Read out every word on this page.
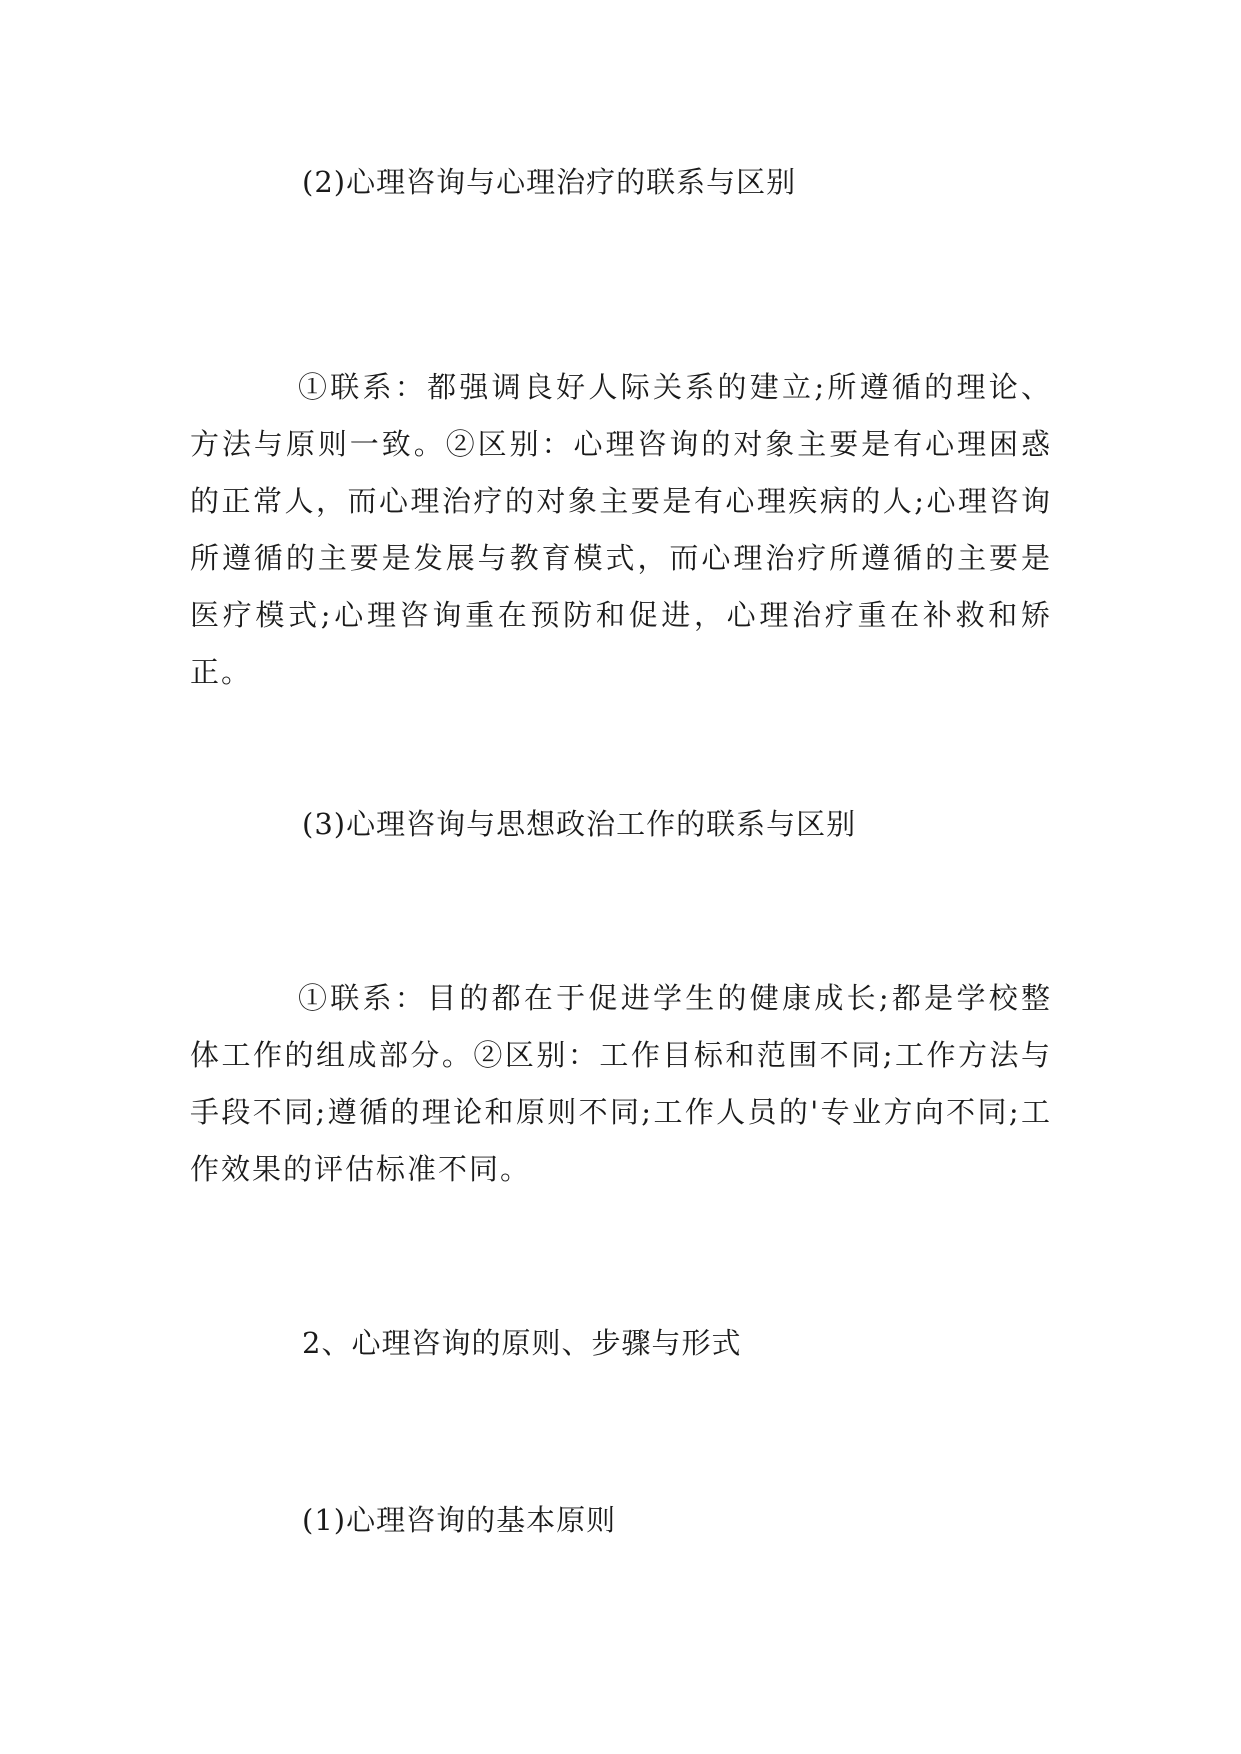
(2)心理咨询与心理治疗的联系与区别
①联系：都强调良好人际关系的建立;所遵循的理论、方法与原则一致。②区别：心理咨询的对象主要是有心理困惑的正常人，而心理治疗的对象主要是有心理疾病的人;心理咨询所遵循的主要是发展与教育模式，而心理治疗所遵循的主要是医疗模式;心理咨询重在预防和促进，心理治疗重在补救和矫正。
(3)心理咨询与思想政治工作的联系与区别
①联系：目的都在于促进学生的健康成长;都是学校整体工作的组成部分。②区别：工作目标和范围不同;工作方法与手段不同;遵循的理论和原则不同;工作人员的'专业方向不同;工作效果的评估标准不同。
2、心理咨询的原则、步骤与形式
(1)心理咨询的基本原则
